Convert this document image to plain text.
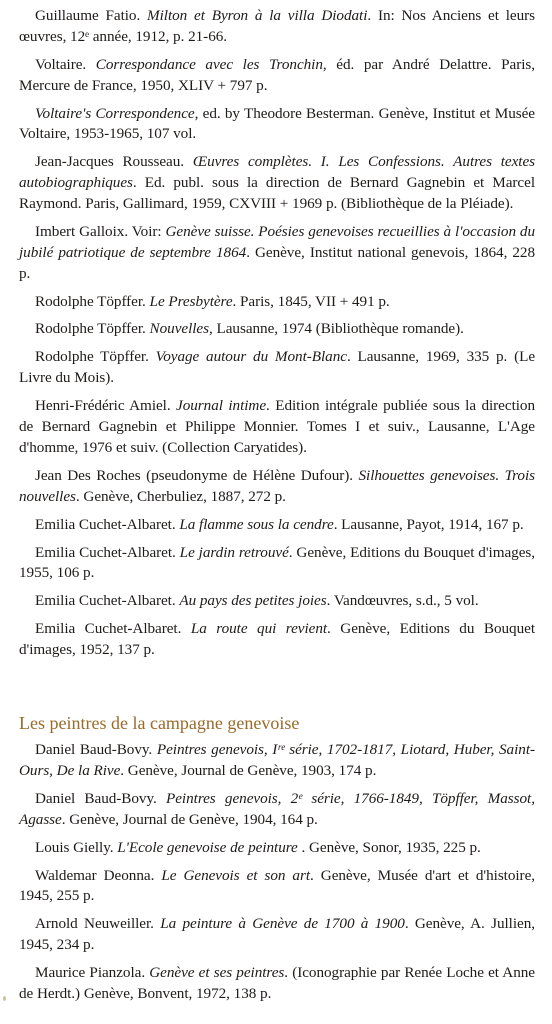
Guillaume Fatio. Milton et Byron à la villa Diodati. In: Nos Anciens et leurs œuvres, 12ᵉ année, 1912, p. 21-66.

Voltaire. Correspondance avec les Tronchin, éd. par André Delattre. Paris, Mercure de France, 1950, XLIV + 797 p.

Voltaire's Correspondence, ed. by Theodore Besterman. Genève, Institut et Musée Voltaire, 1953-1965, 107 vol.

Jean-Jacques Rousseau. Œuvres complètes. I. Les Confessions. Autres textes autobiographiques. Ed. publ. sous la direction de Bernard Gagnebin et Marcel Raymond. Paris, Gallimard, 1959, CXVIII + 1969 p. (Bibliothèque de la Pléiade).

Imbert Galloix. Voir: Genève suisse. Poésies genevoises recueillies à l'occasion du jubilé patriotique de septembre 1864. Genève, Institut national genevois, 1864, 228 p.

Rodolphe Töpffer. Le Presbytère. Paris, 1845, VII + 491 p.

Rodolphe Töpffer. Nouvelles, Lausanne, 1974 (Bibliothèque romande).

Rodolphe Töpffer. Voyage autour du Mont-Blanc. Lausanne, 1969, 335 p. (Le Livre du Mois).

Henri-Frédéric Amiel. Journal intime. Edition intégrale publiée sous la direction de Bernard Gagnebin et Philippe Monnier. Tomes I et suiv., Lausanne, L'Age d'homme, 1976 et suiv. (Collection Caryatides).

Jean Des Roches (pseudonyme de Hélène Dufour). Silhouettes genevoises. Trois nouvelles. Genève, Cherbuliez, 1887, 272 p.

Emilia Cuchet-Albaret. La flamme sous la cendre. Lausanne, Payot, 1914, 167 p.

Emilia Cuchet-Albaret. Le jardin retrouvé. Genève, Editions du Bouquet d'images, 1955, 106 p.

Emilia Cuchet-Albaret. Au pays des petites joies. Vandœuvres, s.d., 5 vol.

Emilia Cuchet-Albaret. La route qui revient. Genève, Editions du Bouquet d'images, 1952, 137 p.

Les peintres de la campagne genevoise

Daniel Baud-Bovy. Peintres genevois, Iʳᵉ série, 1702-1817, Liotard, Huber, Saint-Ours, De la Rive. Genève, Journal de Genève, 1903, 174 p.

Daniel Baud-Bovy. Peintres genevois, 2ᵉ série, 1766-1849, Töpffer, Massot, Agasse. Genève, Journal de Genève, 1904, 164 p.

Louis Gielly. L'Ecole genevoise de peinture . Genève, Sonor, 1935, 225 p.

Waldemar Deonna. Le Genevois et son art. Genève, Musée d'art et d'histoire, 1945, 255 p.

Arnold Neuweiller. La peinture à Genève de 1700 à 1900. Genève, A. Jullien, 1945, 234 p.

Maurice Pianzola. Genève et ses peintres. (Iconographie par Renée Loche et Anne de Herdt.) Genève, Bonvent, 1972, 138 p.
